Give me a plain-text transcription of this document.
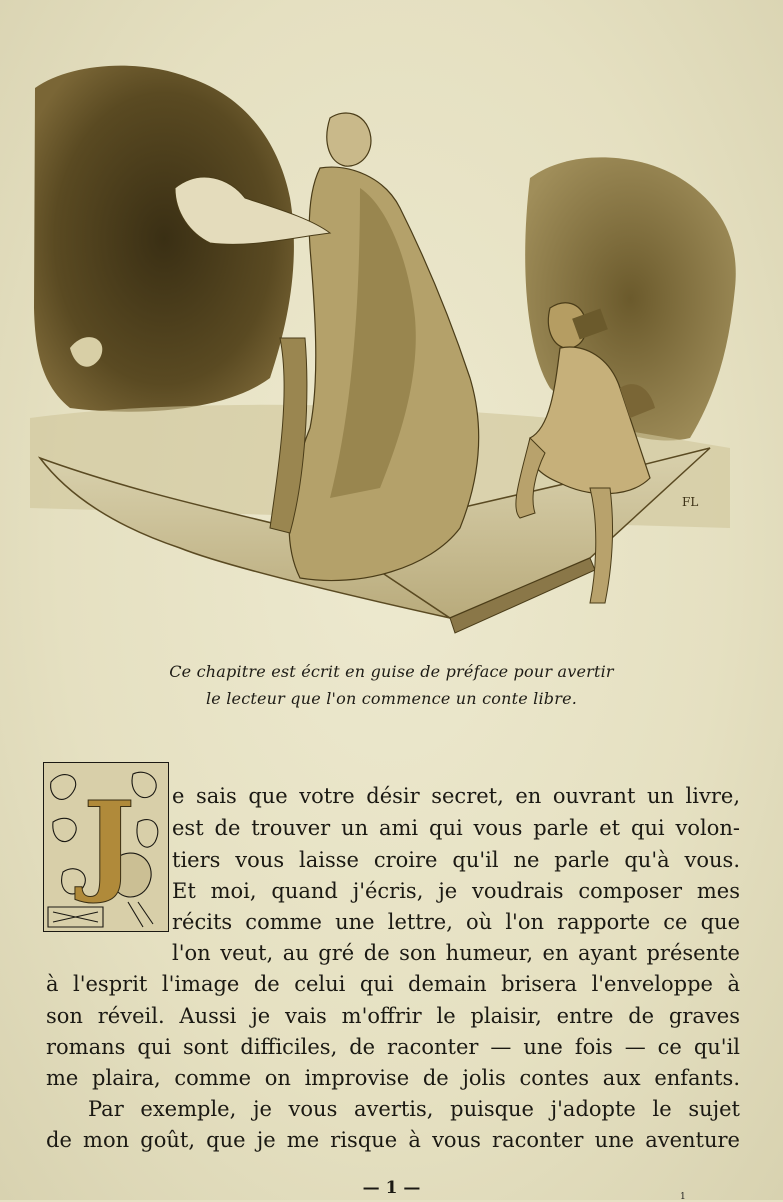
FL
Ce chapitre est écrit en guise de préface pour avertir
le lecteur que l'on commence un conte libre.
J e sais que votre désir secret, en ouvrant un livre,
est de trouver un ami qui vous parle et qui volon-
tiers vous laisse croire qu'il ne parle qu'à vous.
Et moi, quand j'écris, je voudrais composer mes
récits comme une lettre, où l'on rapporte ce que
l'on veut, au gré de son humeur, en ayant présente
à l'esprit l'image de celui qui demain brisera l'enveloppe à
son réveil. Aussi je vais m'offrir le plaisir, entre de graves
romans qui sont difficiles, de raconter — une fois — ce qu'il
me plaira, comme on improvise de jolis contes aux enfants.
Par exemple, je vous avertis, puisque j'adopte le sujet
de mon goût, que je me risque à vous raconter une aventure
— 1 —	1
